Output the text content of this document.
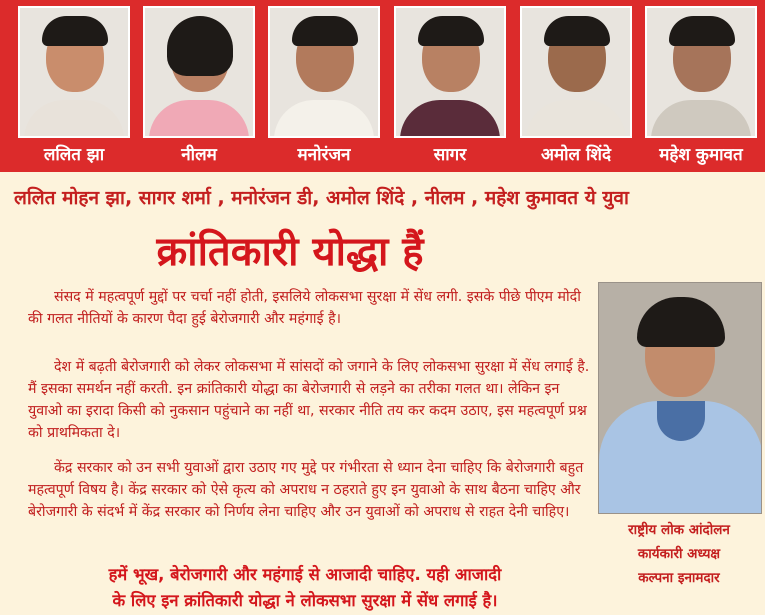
ललित झा	नीलम	मनोरंजन	सागर	अमोल शिंदे	महेश कुमावत
ललित मोहन झा, सागर शर्मा , मनोरंजन डी, अमोल शिंदे , नीलम , महेश कुमावत ये युवा
क्रांतिकारी योद्धा हैं

संसद में महत्वपूर्ण मुद्दों पर चर्चा नहीं होती, इसलिये लोकसभा सुरक्षा में सेंध लगी. इसके पीछे पीएम मोदी की गलत नीतियों के कारण पैदा हुई बेरोजगारी और महंगाई है।

देश में बढ़ती बेरोजगारी को लेकर लोकसभा में सांसदों को जगाने के लिए लोकसभा सुरक्षा में सेंध लगाई है. मैं इसका समर्थन नहीं करती. इन क्रांतिकारी योद्धा का बेरोजगारी से लड़ने का तरीका गलत था। लेकिन इन युवाओ का इरादा किसी को नुकसान पहुंचाने का नहीं था, सरकार नीति तय कर कदम उठाए, इस महत्वपूर्ण प्रश्न को प्राथमिकता दे।

केंद्र सरकार को उन सभी युवाओं द्वारा उठाए गए मुद्दे पर गंभीरता से ध्यान देना चाहिए कि बेरोजगारी बहुत महत्वपूर्ण विषय है। केंद्र सरकार को ऐसे कृत्य को अपराध न ठहराते हुए इन युवाओ के साथ बैठना चाहिए और बेरोजगारी के संदर्भ में केंद्र सरकार को निर्णय लेना चाहिए और उन युवाओं को अपराध से राहत देनी चाहिए।

राष्ट्रीय लोक आंदोलन
कार्यकारी अध्यक्ष
कल्पना इनामदार
हमें भूख, बेरोजगारी और महंगाई से आजादी चाहिए. यही आजादी
के लिए इन क्रांतिकारी योद्धा ने लोकसभा सुरक्षा में सेंध लगाई है।
